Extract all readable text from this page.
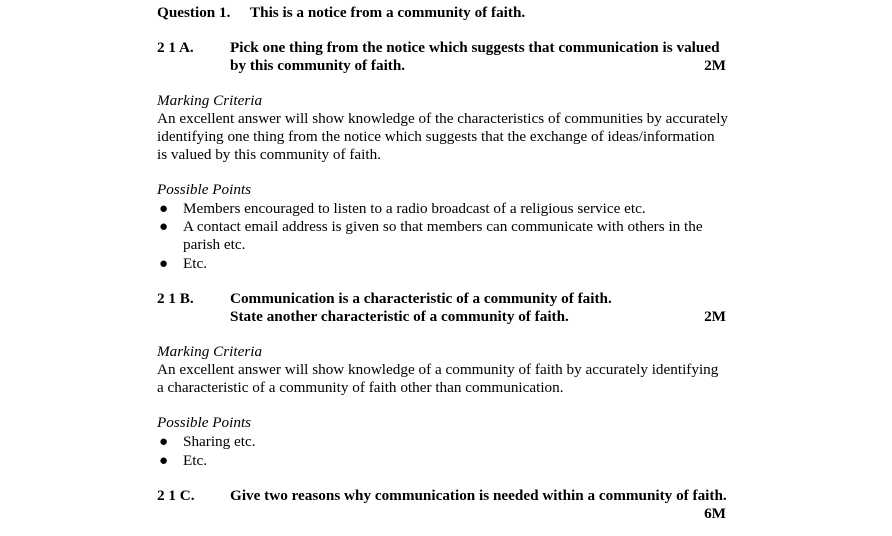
Question 1. This is a notice from a community of faith.
2 1 A. Pick one thing from the notice which suggests that communication is valued
by this community of faith.	2M
Marking Criteria
An excellent answer will show knowledge of the characteristics of communities by accurately
identifying one thing from the notice which suggests that the exchange of ideas/information
is valued by this community of faith.
Possible Points
● Members encouraged to listen to a radio broadcast of a religious service etc.
● A contact email address is given so that members can communicate with others in the
parish etc.
● Etc.
2 1 B. Communication is a characteristic of a community of faith.
State another characteristic of a community of faith.	2M
Marking Criteria
An excellent answer will show knowledge of a community of faith by accurately identifying
a characteristic of a community of faith other than communication.
Possible Points
● Sharing etc.
● Etc.
2 1 C. Give two reasons why communication is needed within a community of faith.
6M
